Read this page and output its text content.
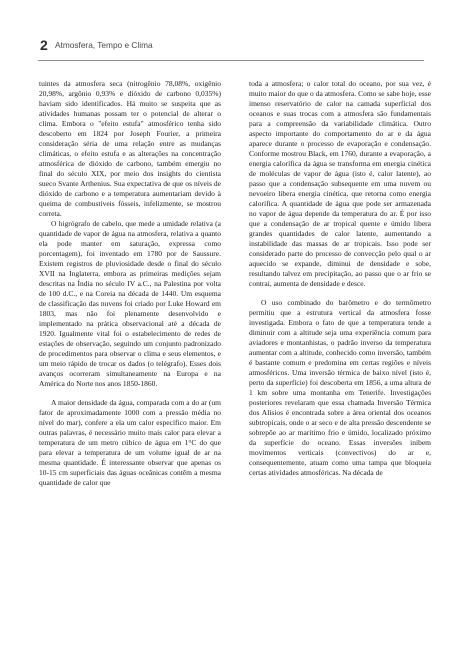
2 Atmosfera, Tempo e Clima

tuintes da atmosfera seca (nitrogênio 78,08%, oxigênio 20,98%, argônio 0,93% e dióxido de carbono 0,035%) haviam sido identificados. Há muito se suspeita que as atividades humanas possam ter o potencial de alterar o clima. Embora o "efeito estufa" atmosférico tenha sido descoberto em 1824 por Joseph Fourier, a primeira consideração séria de uma relação entre as mudanças climáticas, o efeito estufa e as alterações na concentração atmosférica de dióxido de carbono, também emergiu no final do século XIX, por meio dos insights do cientista sueco Svante Arthenius. Sua expectativa de que os níveis de dióxido de carbono e a temperatura aumentariam devido à queima de combustíveis fósseis, infelizmente, se mostrou correta.

O higrógrafo de cabelo, que mede a umidade relativa (a quantidade de vapor de água na atmosfera, relativa a quanto ela pode manter em saturação, expressa como porcentagem), foi inventado em 1780 por de Saussure. Existem registros de pluviosidade desde o final do século XVII na Inglaterra, embora as primeiras medições sejam descritas na Índia no século IV a.C., na Palestina por volta de 100 d.C., e na Coreia na década de 1440. Um esquema de classificação das nuvens foi criado por Luke Howard em 1803, mas não foi plenamente desenvolvido e implementado na prática observacional até a década de 1920. Igualmente vital foi o estabelecimento de redes de estações de observação, seguindo um conjunto padronizado de procedimentos para observar o clima e seus elementos, e um meio rápido de trocar os dados (o telégrafo). Esses dois avanços ocorreram simultaneamente na Europa e na América do Norte nos anos 1850-1860.

A maior densidade da água, comparada com a do ar (um fator de aproximadamente 1000 com a pressão média no nível do mar), confere a ela um calor específico maior. Em outras palavras, é necessário muito mais calor para elevar a temperatura de um metro cúbico de água em 1°C do que para elevar a temperatura de um volume igual de ar na mesma quantidade. É interessante observar que apenas os 10-15 cm superficiais das águas oceânicas contêm a mesma quantidade de calor que

toda a atmosfera; o calor total do oceano, por sua vez, é muito maior do que o da atmosfera. Como se sabe hoje, esse imenso reservatório de calor na camada superficial dos oceanos e suas trocas com a atmosfera são fundamentais para a compreensão da variabilidade climática. Outro aspecto importante do comportamento do ar e da água aparece durante o processo de evaporação e condensação. Conforme mostrou Black, em 1760, durante a evaporação, a energia calorífica da água se transforma em energia cinética de moléculas de vapor de água (isto é, calor latente), ao passo que a condensação subsequente em uma nuvem ou nevoeiro libera energia cinética, que retorna como energia calorífica. A quantidade de água que pode ser armazenada no vapor de água depende da temperatura do ar. É por isso que a condensação de ar tropical quente e úmido libera grandes quantidades de calor latente, aumentando a instabilidade das massas de ar tropicais. Isso pode ser considerado parte do processo de convecção pelo qual o ar aquecido se expande, diminui de densidade e sobe, resultando talvez em precipitação, ao passo que o ar frio se contrai, aumenta de densidade e desce.

O uso combinado do barômetro e do termômetro permitiu que a estrutura vertical da atmosfera fosse investigada. Embora o fato de que a temperatura tende a diminuir com a altitude seja uma experiência comum para aviadores e montanhistas, o padrão inverso da temperatura aumentar com a altitude, conhecido como inversão, também é bastante comum e predomina em certas regiões e níveis atmosféricos. Uma inversão térmica de baixo nível (isto é, perto da superfície) foi descoberta em 1856, a uma altura de 1 km sobre uma montanha em Tenerife. Investigações posteriores revelaram que essa chamada Inversão Térmica dos Alísios é encontrada sobre a área oriental dos oceanos subtropicais, onde o ar seco e de alta pressão descendente se sobrepõe ao ar marítimo frio e úmido, localizado próximo da superfície do oceano. Essas inversões inibem movimentos verticais (convectivos) do ar e, consequentemente, atuam como uma tampa que bloqueia certas atividades atmosféricas. Na década de
